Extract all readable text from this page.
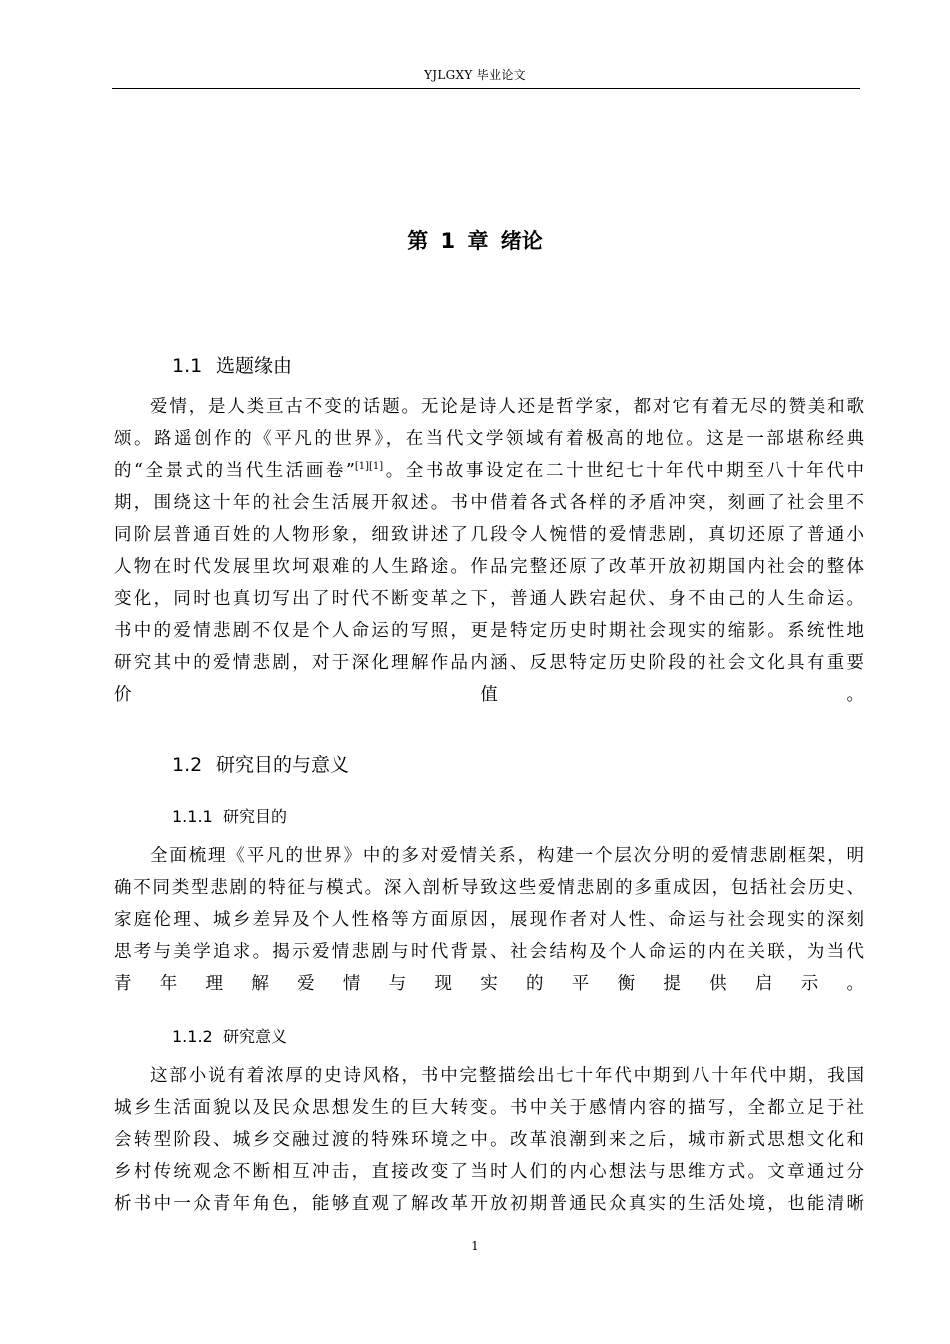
YJLGXY 毕业论文
第 1 章 绪论
1.1 选题缘由
爱情，是人类亘古不变的话题。无论是诗人还是哲学家，都对它有着无尽的赞美和歌
颂。路遥创作的《平凡的世界》，在当代文学领域有着极高的地位。这是一部堪称经典
的“全景式的当代生活画卷”[1][1]。全书故事设定在二十世纪七十年代中期至八十年代中
期，围绕这十年的社会生活展开叙述。书中借着各式各样的矛盾冲突，刻画了社会里不
同阶层普通百姓的人物形象，细致讲述了几段令人惋惜的爱情悲剧，真切还原了普通小
人物在时代发展里坎坷艰难的人生路途。作品完整还原了改革开放初期国内社会的整体
变化，同时也真切写出了时代不断变革之下，普通人跌宕起伏、身不由己的人生命运。
书中的爱情悲剧不仅是个人命运的写照，更是特定历史时期社会现实的缩影。系统性地
研究其中的爱情悲剧，对于深化理解作品内涵、反思特定历史阶段的社会文化具有重要
价值。
1.2 研究目的与意义
1.1.1 研究目的
全面梳理《平凡的世界》中的多对爱情关系，构建一个层次分明的爱情悲剧框架，明
确不同类型悲剧的特征与模式。深入剖析导致这些爱情悲剧的多重成因，包括社会历史、
家庭伦理、城乡差异及个人性格等方面原因，展现作者对人性、命运与社会现实的深刻
思考与美学追求。揭示爱情悲剧与时代背景、社会结构及个人命运的内在关联，为当代
青年理解爱情与现实的平衡提供启示。
1.1.2 研究意义
这部小说有着浓厚的史诗风格，书中完整描绘出七十年代中期到八十年代中期，我国
城乡生活面貌以及民众思想发生的巨大转变。书中关于感情内容的描写，全都立足于社
会转型阶段、城乡交融过渡的特殊环境之中。改革浪潮到来之后，城市新式思想文化和
乡村传统观念不断相互冲击，直接改变了当时人们的内心想法与思维方式。文章通过分
析书中一众青年角色，能够直观了解改革开放初期普通民众真实的生活处境，也能清晰
1
